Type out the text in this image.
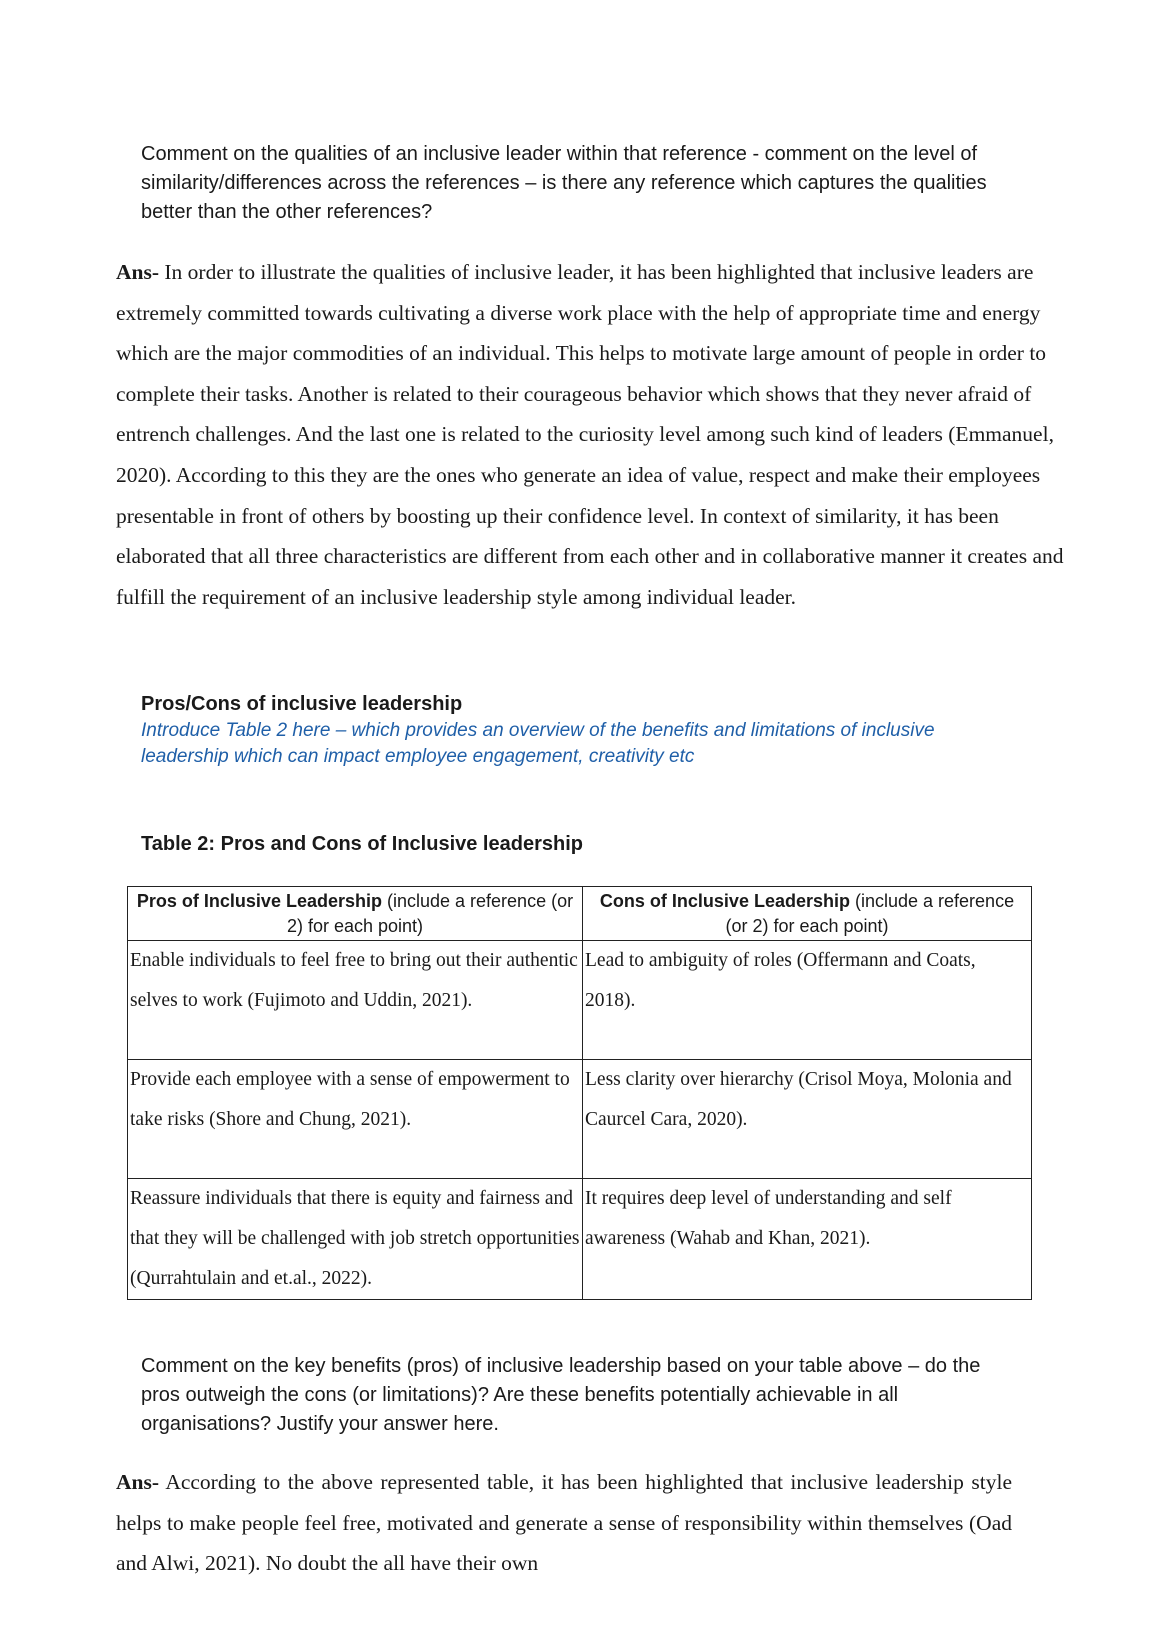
Comment on the qualities of an inclusive leader within that reference - comment on the level of similarity/differences across the references – is there any reference which captures the qualities better than the other references?
Ans- In order to illustrate the qualities of inclusive leader, it has been highlighted that inclusive leaders are extremely committed towards cultivating a diverse work place with the help of appropriate time and energy which are the major commodities of an individual. This helps to motivate large amount of people in order to complete their tasks. Another is related to their courageous behavior which shows that they never afraid of entrench challenges. And the last one is related to the curiosity level among such kind of leaders (Emmanuel, 2020). According to this they are the ones who generate an idea of value, respect and make their employees presentable in front of others by boosting up their confidence level. In context of similarity, it has been elaborated that all three characteristics are different from each other and in collaborative manner it creates and fulfill the requirement of an inclusive leadership style among individual leader.
Pros/Cons of inclusive leadership
Introduce Table 2 here – which provides an overview of the benefits and limitations of inclusive leadership which can impact employee engagement, creativity etc
Table 2: Pros and Cons of Inclusive leadership
Pros of Inclusive Leadership (include a reference (or 2) for each point)	Cons of Inclusive Leadership (include a reference (or 2) for each point)
Enable individuals to feel free to bring out their authentic selves to work (Fujimoto and Uddin, 2021).	Lead to ambiguity of roles (Offermann and Coats, 2018).
Provide each employee with a sense of empowerment to take risks (Shore and Chung, 2021).	Less clarity over hierarchy (Crisol Moya, Molonia and Caurcel Cara, 2020).
Reassure individuals that there is equity and fairness and that they will be challenged with job stretch opportunities (Qurrahtulain and et.al., 2022).	It requires deep level of understanding and self awareness (Wahab and Khan, 2021).
Comment on the key benefits (pros) of inclusive leadership based on your table above – do the pros outweigh the cons (or limitations)? Are these benefits potentially achievable in all organisations? Justify your answer here.
Ans- According to the above represented table, it has been highlighted that inclusive leadership style helps to make people feel free, motivated and generate a sense of responsibility within themselves (Oad and Alwi, 2021). No doubt the all have their own
